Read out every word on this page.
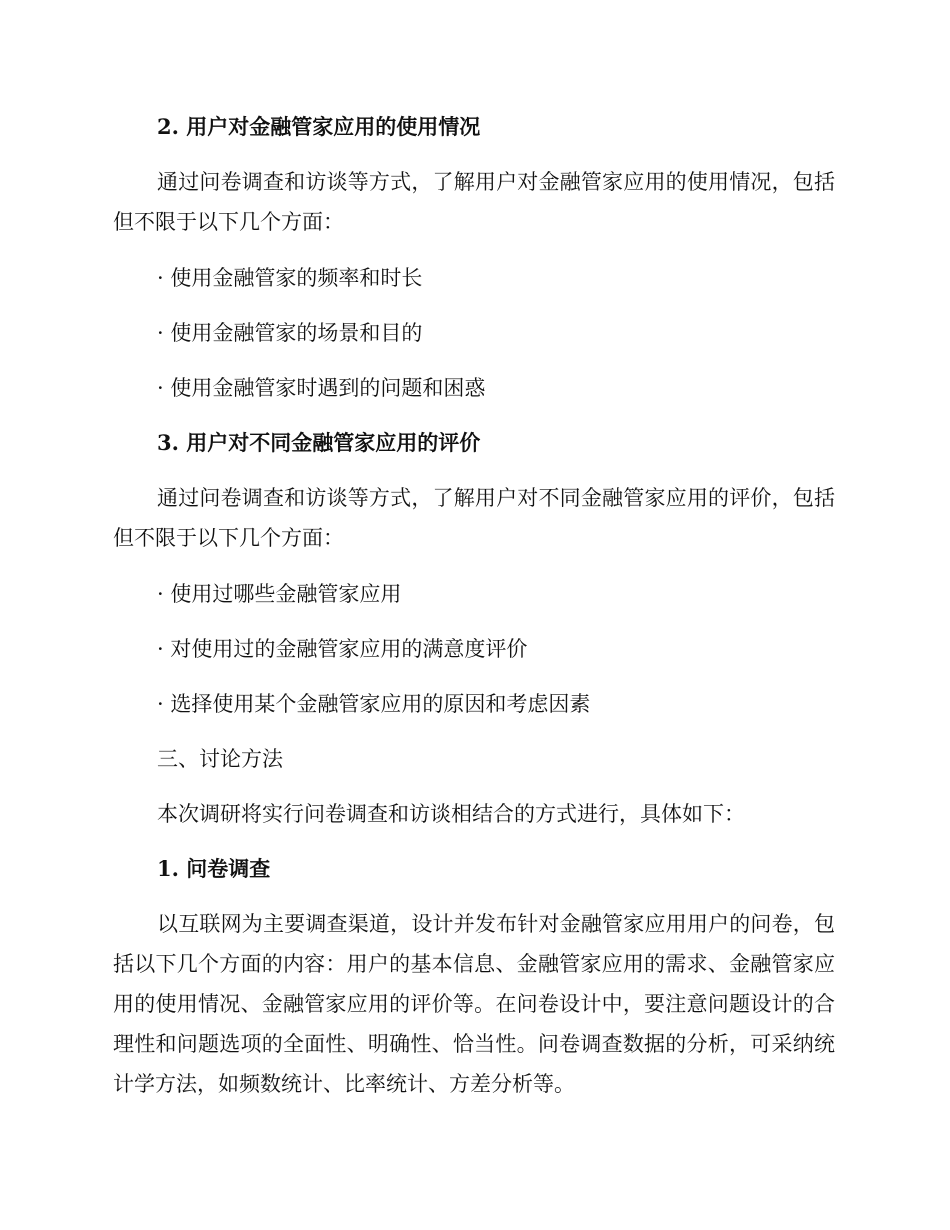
2. 用户对金融管家应用的使用情况
通过问卷调查和访谈等方式，了解用户对金融管家应用的使用情况，包括但不限于以下几个方面：
· 使用金融管家的频率和时长
· 使用金融管家的场景和目的
· 使用金融管家时遇到的问题和困惑
3. 用户对不同金融管家应用的评价
通过问卷调查和访谈等方式，了解用户对不同金融管家应用的评价，包括但不限于以下几个方面：
· 使用过哪些金融管家应用
· 对使用过的金融管家应用的满意度评价
· 选择使用某个金融管家应用的原因和考虑因素
三、讨论方法
本次调研将实行问卷调查和访谈相结合的方式进行，具体如下：
1. 问卷调查
以互联网为主要调查渠道，设计并发布针对金融管家应用用户的问卷，包括以下几个方面的内容：用户的基本信息、金融管家应用的需求、金融管家应用的使用情况、金融管家应用的评价等。在问卷设计中，要注意问题设计的合理性和问题选项的全面性、明确性、恰当性。问卷调查数据的分析，可采纳统计学方法，如频数统计、比率统计、方差分析等。
